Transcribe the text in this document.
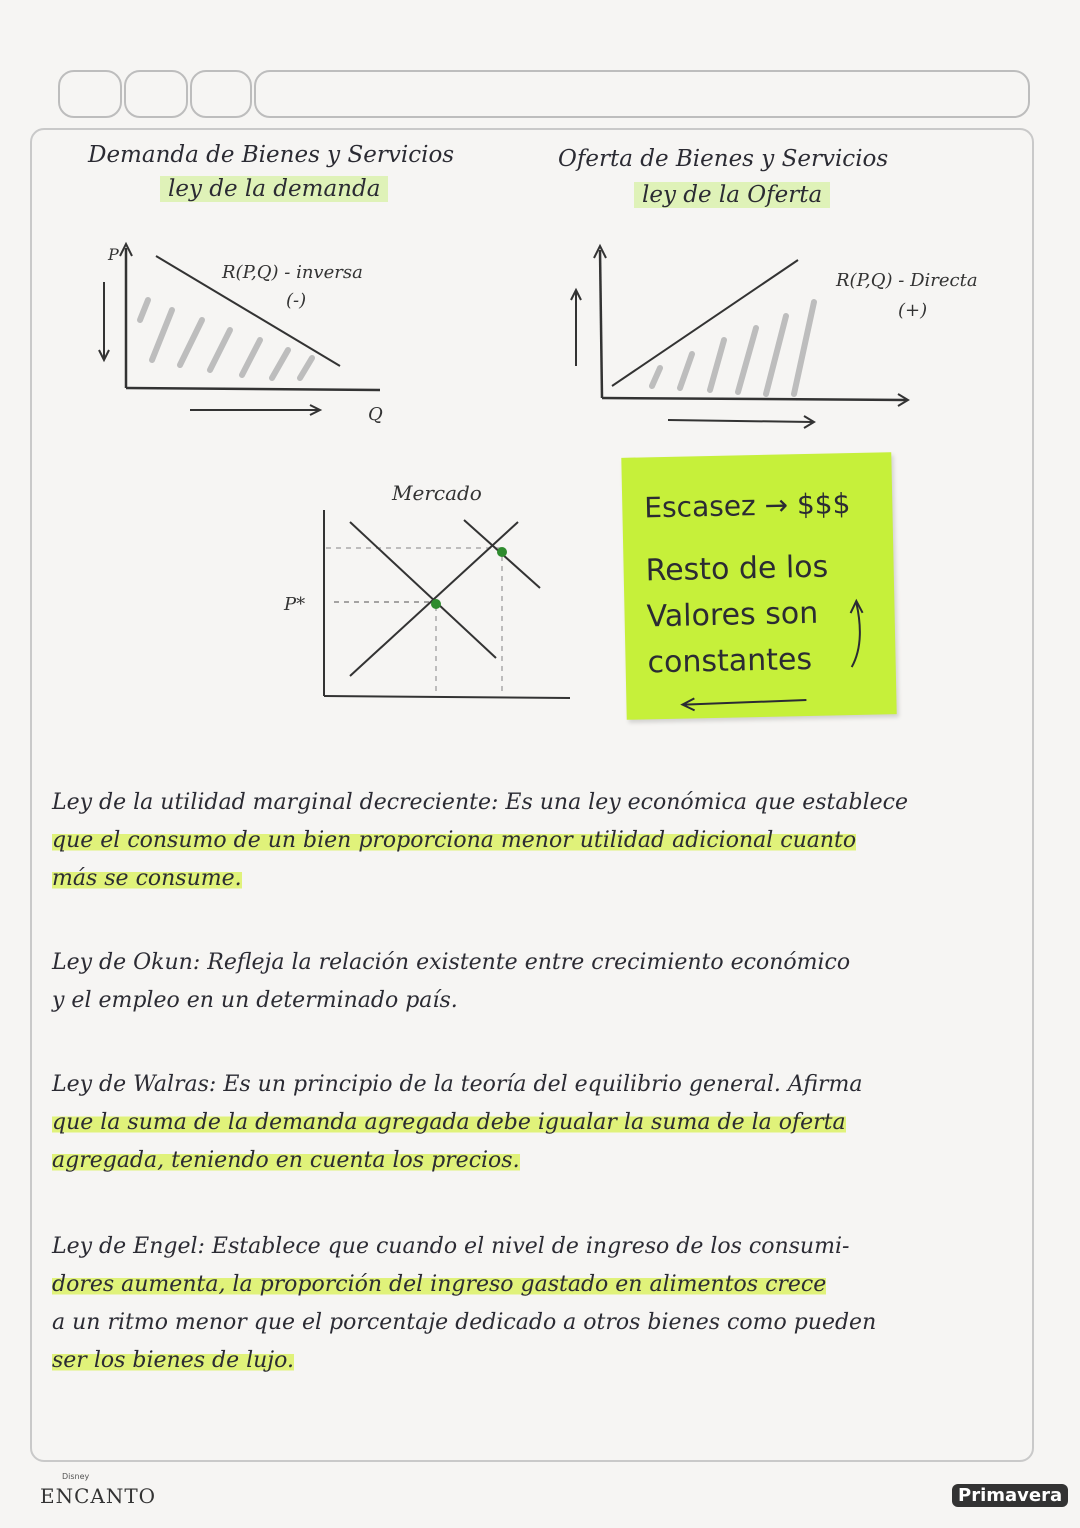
Demanda de Bienes y Servicios
ley de la demanda
Oferta de Bienes y Servicios
ley de la Oferta
P
Q
R(P,Q) - inversa
(-)
R(P,Q) - Directa
(+)
Mercado
P*
Escasez → $$$
Resto de los
Valores son
constantes
Ley de la utilidad marginal decreciente: Es una ley económica que establece
que el consumo de un bien proporciona menor utilidad adicional cuanto
más se consume.
Ley de Okun: Refleja la relación existente entre crecimiento económico
y el empleo en un determinado país.
Ley de Walras: Es un principio de la teoría del equilibrio general. Afirma
que la suma de la demanda agregada debe igualar la suma de la oferta
agregada, teniendo en cuenta los precios.
Ley de Engel: Establece que cuando el nivel de ingreso de los consumi-
dores aumenta, la proporción del ingreso gastado en alimentos crece
a un ritmo menor que el porcentaje dedicado a otros bienes como pueden
ser los bienes de lujo.
Disney
ENCANTO	Primavera
